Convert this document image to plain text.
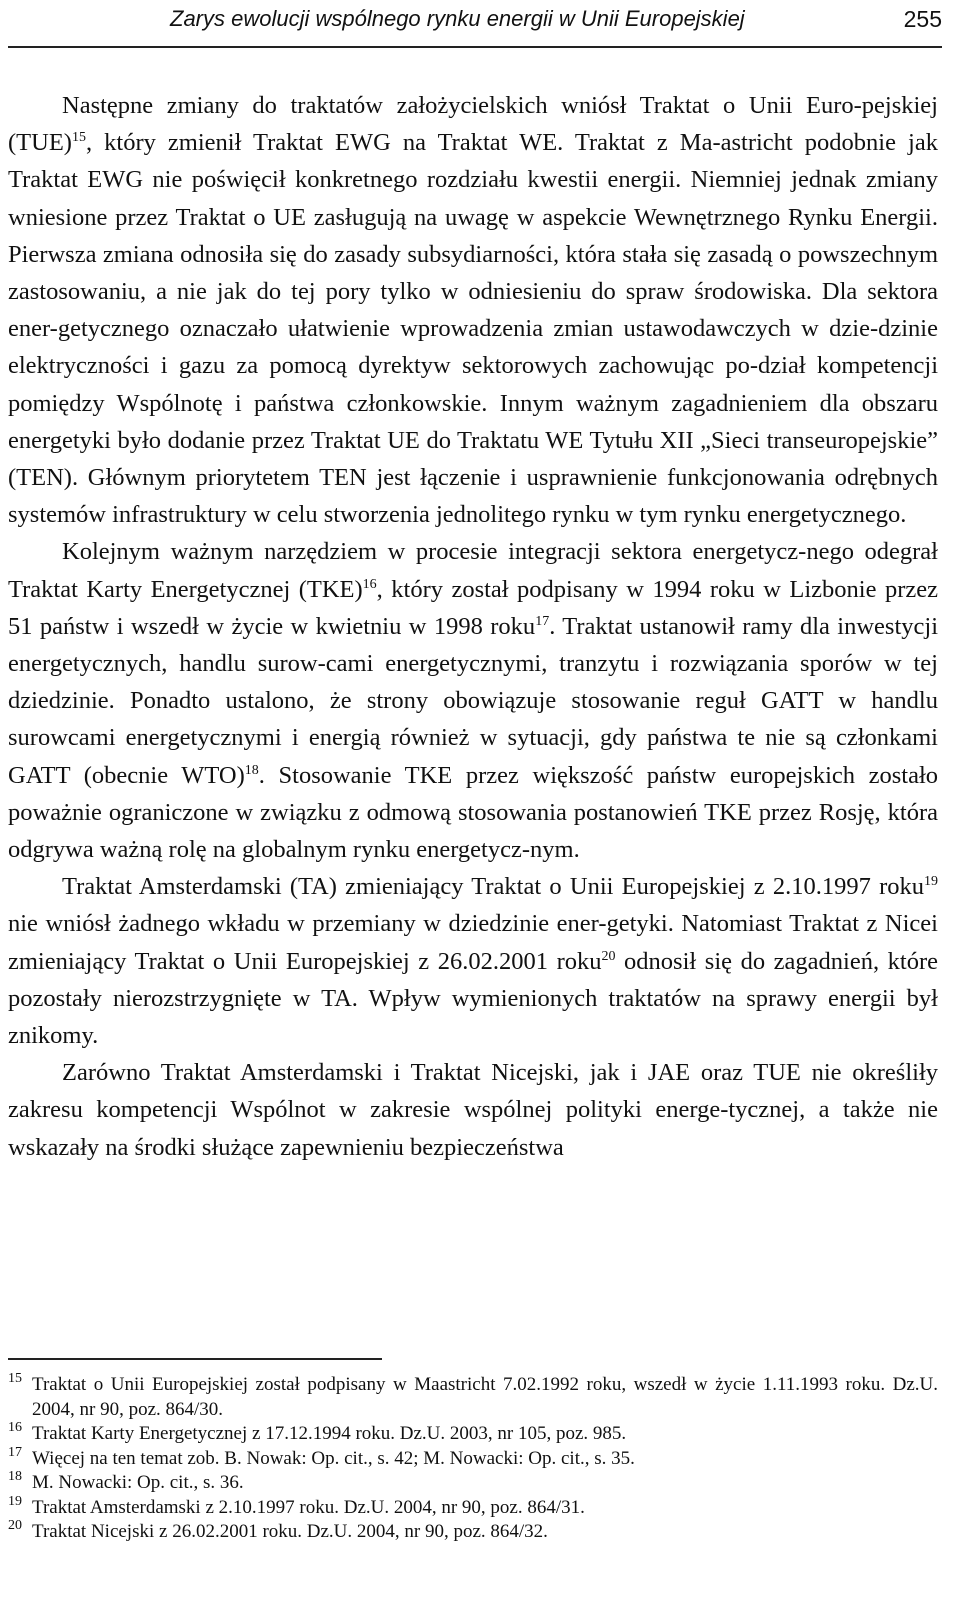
Zarys ewolucji wspólnego rynku energii w Unii Europejskiej	255

Następne zmiany do traktatów założycielskich wniósł Traktat o Unii Euro-pejskiej (TUE)$^{15}$, który zmienił Traktat EWG na Traktat WE. Traktat z Ma-astricht podobnie jak Traktat EWG nie poświęcił konkretnego rozdziału kwestii energii. Niemniej jednak zmiany wniesione przez Traktat o UE zasługują na uwagę w aspekcie Wewnętrznego Rynku Energii. Pierwsza zmiana odnosiła się do zasady subsydiarności, która stała się zasadą o powszechnym zastosowaniu, a nie jak do tej pory tylko w odniesieniu do spraw środowiska. Dla sektora ener-getycznego oznaczało ułatwienie wprowadzenia zmian ustawodawczych w dzie-dzinie elektryczności i gazu za pomocą dyrektyw sektorowych zachowując po-dział kompetencji pomiędzy Wspólnotę i państwa członkowskie. Innym ważnym zagadnieniem dla obszaru energetyki było dodanie przez Traktat UE do Traktatu WE Tytułu XII „Sieci transeuropejskie” (TEN). Głównym priorytetem TEN jest łączenie i usprawnienie funkcjonowania odrębnych systemów infrastruktury w celu stworzenia jednolitego rynku w tym rynku energetycznego.

Kolejnym ważnym narzędziem w procesie integracji sektora energetycz-nego odegrał Traktat Karty Energetycznej (TKE)$^{16}$, który został podpisany w 1994 roku w Lizbonie przez 51 państw i wszedł w życie w kwietniu w 1998 roku$^{17}$. Traktat ustanowił ramy dla inwestycji energetycznych, handlu surow-cami energetycznymi, tranzytu i rozwiązania sporów w tej dziedzinie. Ponadto ustalono, że strony obowiązuje stosowanie reguł GATT w handlu surowcami energetycznymi i energią również w sytuacji, gdy państwa te nie są członkami GATT (obecnie WTO)$^{18}$. Stosowanie TKE przez większość państw europejskich zostało poważnie ograniczone w związku z odmową stosowania postanowień TKE przez Rosję, która odgrywa ważną rolę na globalnym rynku energetycz-nym.

Traktat Amsterdamski (TA) zmieniający Traktat o Unii Europejskiej z 2.10.1997 roku$^{19}$ nie wniósł żadnego wkładu w przemiany w dziedzinie ener-getyki. Natomiast Traktat z Nicei zmieniający Traktat o Unii Europejskiej z 26.02.2001 roku$^{20}$ odnosił się do zagadnień, które pozostały nierozstrzygnięte w TA. Wpływ wymienionych traktatów na sprawy energii był znikomy.

Zarówno Traktat Amsterdamski i Traktat Nicejski, jak i JAE oraz TUE nie określiły zakresu kompetencji Wspólnot w zakresie wspólnej polityki energe-tycznej, a także nie wskazały na środki służące zapewnieniu bezpieczeństwa

15 Traktat o Unii Europejskiej został podpisany w Maastricht 7.02.1992 roku, wszedł w życie 1.11.1993 roku. Dz.U. 2004, nr 90, poz. 864/30.
16 Traktat Karty Energetycznej z 17.12.1994 roku. Dz.U. 2003, nr 105, poz. 985.
17 Więcej na ten temat zob. B. Nowak: Op. cit., s. 42; M. Nowacki: Op. cit., s. 35.
18 M. Nowacki: Op. cit., s. 36.
19 Traktat Amsterdamski z 2.10.1997 roku. Dz.U. 2004, nr 90, poz. 864/31.
20 Traktat Nicejski z 26.02.2001 roku. Dz.U. 2004, nr 90, poz. 864/32.
